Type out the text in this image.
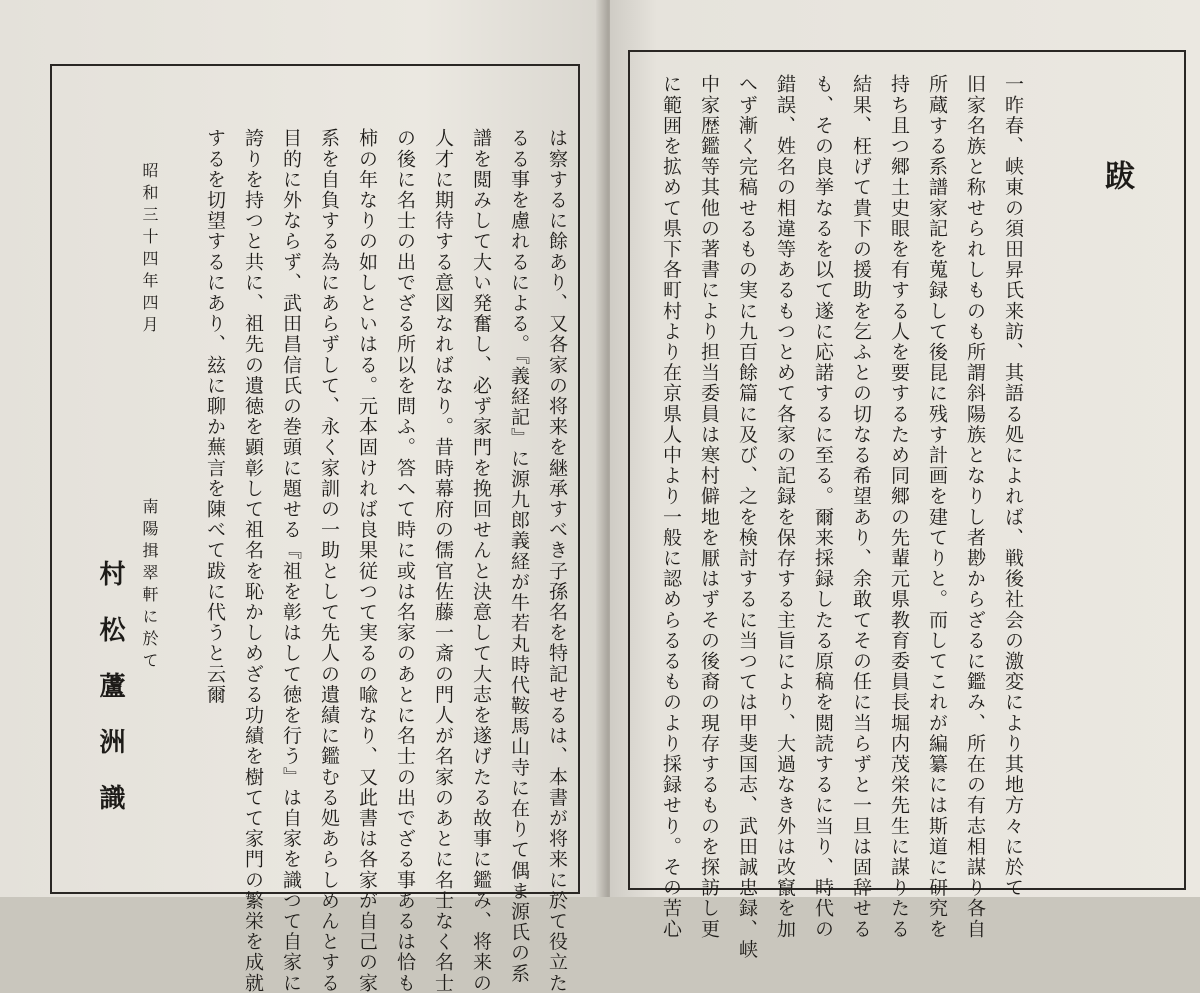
は察するに餘あり、又各家の将来を継承すべき子孫名を特記せるは、本書が将来に於て役立た
るる事を慮れるによる。『義経記』に源九郎義経が牛若丸時代鞍馬山寺に在りて偶ま源氏の系
譜を閲みして大い発奮し、必ず家門を挽回せんと決意して大志を遂げたる故事に鑑み、将来の
人才に期待する意図なればなり。昔時幕府の儒官佐藤一斎の門人が名家のあとに名士なく名士
の後に名士の出でざる所以を問ふ。答へて時に或は名家のあとに名士の出でざる事あるは恰も
柿の年なりの如しといはる。元本固ければ良果従つて実るの喩なり、又此書は各家が自己の家
系を自負する為にあらずして、永く家訓の一助として先人の遺績に鑑むる処あらしめんとする
目的に外ならず、武田昌信氏の巻頭に題せる『祖を彰はして徳を行う』は自家を識つて自家に
誇りを持つと共に、祖先の遺徳を顕彰して祖名を恥かしめざる功績を樹てて家門の繁栄を成就
するを切望するにあり、玆に聊か蕪言を陳べて跋に代うと云爾
昭和三十四年四月
南陽揖翠軒に於て
村松蘆洲識
跋
一昨春、峡東の須田昇氏来訪、其語る処によれば、戦後社会の激変により其地方々に於て
旧家名族と称せられしものも所謂斜陽族となりし者尠からざるに鑑み、所在の有志相謀り各自
所蔵する系譜家記を蒐録して後昆に残す計画を建てりと。而してこれが編纂には斯道に研究を
持ち且つ郷土史眼を有する人を要するため同郷の先輩元県教育委員長堀内茂栄先生に謀りたる
結果、枉げて貴下の援助を乞ふとの切なる希望あり、余敢てその任に当らずと一旦は固辞せる
も、その良挙なるを以て遂に応諾するに至る。爾来採録したる原稿を閲読するに当り、時代の
錯誤、姓名の相違等あるもつとめて各家の記録を保存する主旨により、大過なき外は改竄を加
へず漸く完稿せるもの実に九百餘篇に及び、之を検討するに当つては甲斐国志、武田誠忠録、峡
中家歴鑑等其他の著書により担当委員は寒村僻地を厭はずその後裔の現存するものを探訪し更
に範囲を拡めて県下各町村より在京県人中より一般に認めらるるものより採録せり。その苦心
